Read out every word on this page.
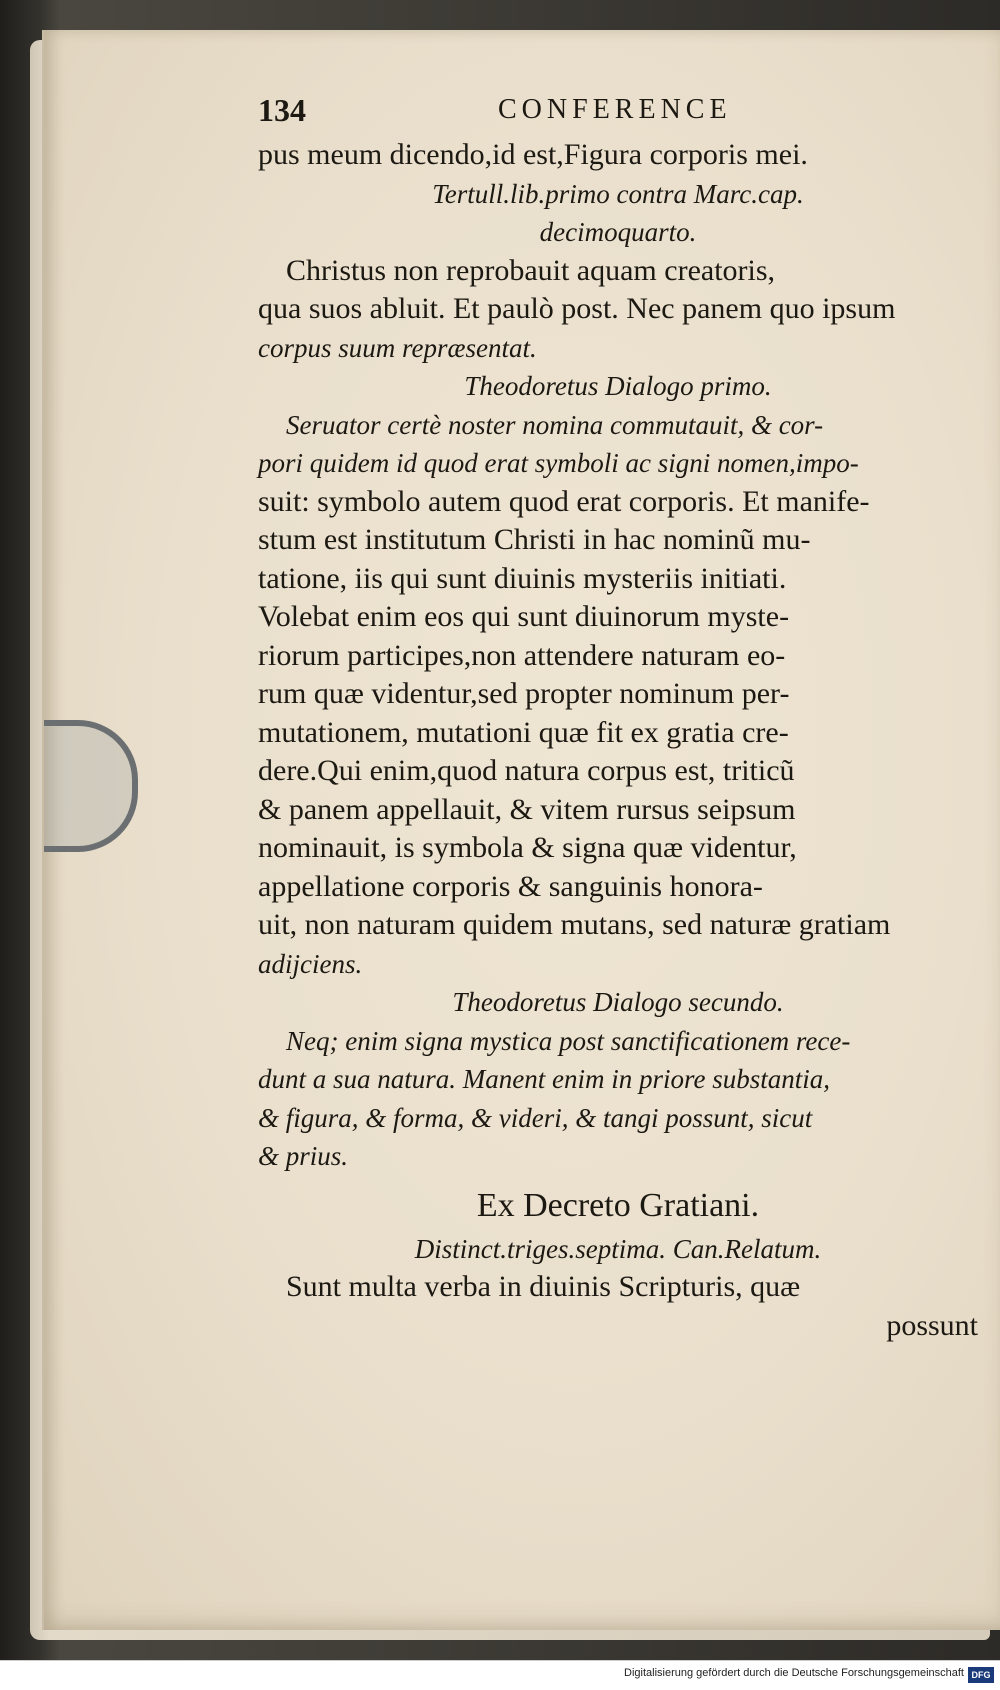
134	CONFERENCE
pus meum dicendo,id est,Figura corporis mei.
Tertull.lib.primo contra Marc.cap.
decimoquarto.
Christus non reprobauit aquam creatoris,
qua suos abluit. Et paulò post. Nec panem quo ipsum
corpus suum repræsentat.
Theodoretus Dialogo primo.
Seruator certè noster nomina commutauit, & cor-
pori quidem id quod erat symboli ac signi nomen,impo-
suit: symbolo autem quod erat corporis. Et manife-
stum est institutum Christi in hac nominũ mu-
tatione, iis qui sunt diuinis mysteriis initiati.
Volebat enim eos qui sunt diuinorum myste-
riorum participes,non attendere naturam eo-
rum quæ videntur,sed propter nominum per-
mutationem, mutationi quæ fit ex gratia cre-
dere.Qui enim,quod natura corpus est, triticũ
& panem appellauit, & vitem rursus seipsum
nominauit, is symbola & signa quæ videntur,
appellatione corporis & sanguinis honora-
uit, non naturam quidem mutans, sed naturæ gratiam
adijciens.
Theodoretus Dialogo secundo.
Neq; enim signa mystica post sanctificationem rece-
dunt a sua natura. Manent enim in priore substantia,
& figura, & forma, & videri, & tangi possunt, sicut
& prius.
Ex Decreto Gratiani.
Distinct.triges.septima. Can.Relatum.
Sunt multa verba in diuinis Scripturis, quæ
possunt
Digitalisierung gefördert durch die Deutsche Forschungsgemeinschaft DFG
